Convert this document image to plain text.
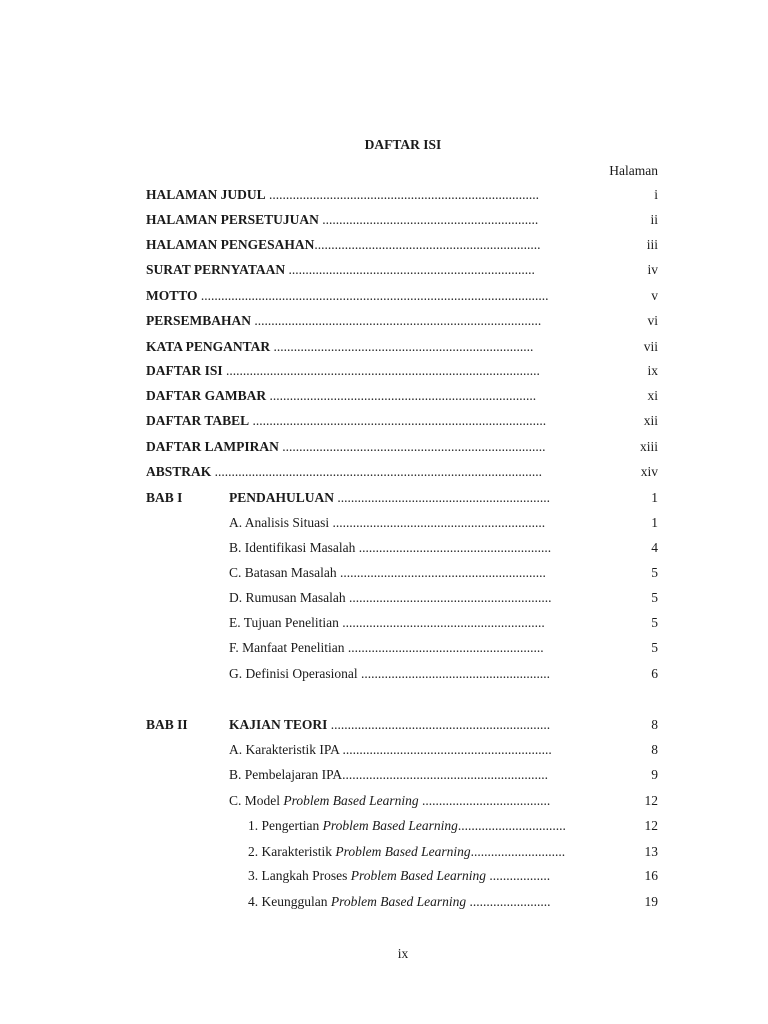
DAFTAR ISI
Halaman
HALAMAN JUDUL ................................................................................	i
HALAMAN PERSETUJUAN ................................................................	ii
HALAMAN PENGESAHAN...................................................................	iii
SURAT PERNYATAAN .........................................................................	iv
MOTTO .......................................................................................................	v
PERSEMBAHAN .....................................................................................	vi
KATA PENGANTAR .............................................................................	vii
DAFTAR ISI .............................................................................................	ix
DAFTAR GAMBAR ...............................................................................	xi
DAFTAR TABEL .......................................................................................	xii
DAFTAR LAMPIRAN ..............................................................................	xiii
ABSTRAK .................................................................................................	xiv
BAB I	PENDAHULUAN ...............................................................	1
A. Analisis Situasi ...............................................................	1
B. Identifikasi Masalah .........................................................	4
C. Batasan Masalah .............................................................	5
D. Rumusan Masalah ............................................................	5
E. Tujuan Penelitian ............................................................	5
F. Manfaat Penelitian ..........................................................	5
G. Definisi Operasional ........................................................	6
BAB II	KAJIAN TEORI .................................................................	8
A. Karakteristik IPA ..............................................................	8
B. Pembelajaran IPA.............................................................	9
C. Model Problem Based Learning ......................................	12
1. Pengertian Problem Based Learning................................	12
2. Karakteristik Problem Based Learning............................	13
3. Langkah Proses Problem Based Learning ..................	16
4. Keunggulan Problem Based Learning ........................	19
ix
